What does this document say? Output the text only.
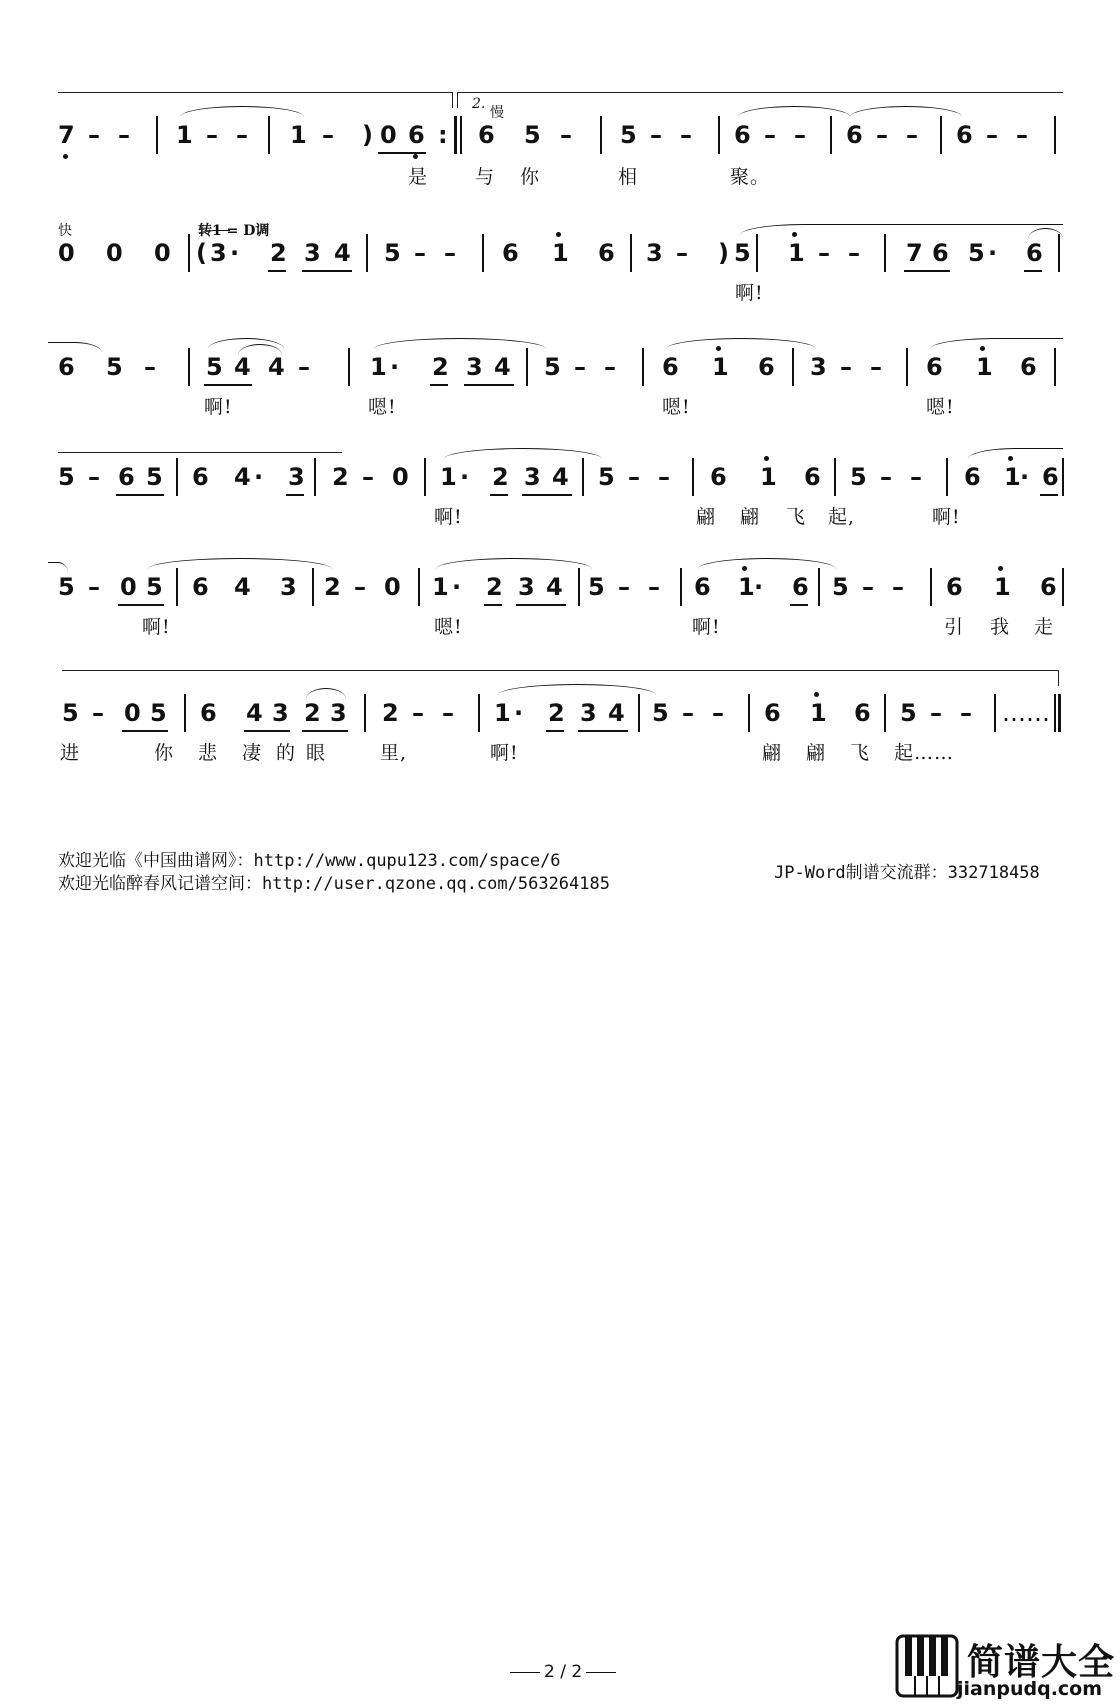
2.
慢
7 – – 1 – – 1 – ) 0 6 : 6 5 – 5 – – 6 – – 6 – – 6 – –
是 与 你	相	聚。
快	转1 = D调
0 0 0 ( 3 · 2 3 4 5 – – 6 1 6 3 – ) 5 1 – – 7 6 5 · 6
啊!
6 5 – 5 4 4 –	1 · 2 3 4 5 – – 6 1 6 3 – – 6 1 6
啊!	嗯!	嗯!	嗯!
5 – 6 5 6 4 · 3 2 – 0 1 · 2 3 4 5 – – 6 1 6 5 – – 6 1 · 6
啊!	翩 翩 飞 起,	啊!
5 – 0 5 6 4 3 2 – 0 1 · 2 3 4 5 – – 6 1 · 6 5 – – 6 1 6
啊!	嗯!	啊!	引 我 走
5 – 0 5 6 4 3 2 3 2 – – 1 · 2 3 4 5 – – 6 1 6 5 – – ……
进	你 悲 凄 的 眼	里,	啊!	翩 翩 飞 起……
欢迎光临《中国曲谱网》：http://www.qupu123.com/space/6
欢迎光临醉春风记谱空间：http://user.qzone.qq.com/563264185
JP-Word制谱交流群：332718458
2 / 2	简谱大全
jianpudq.com
